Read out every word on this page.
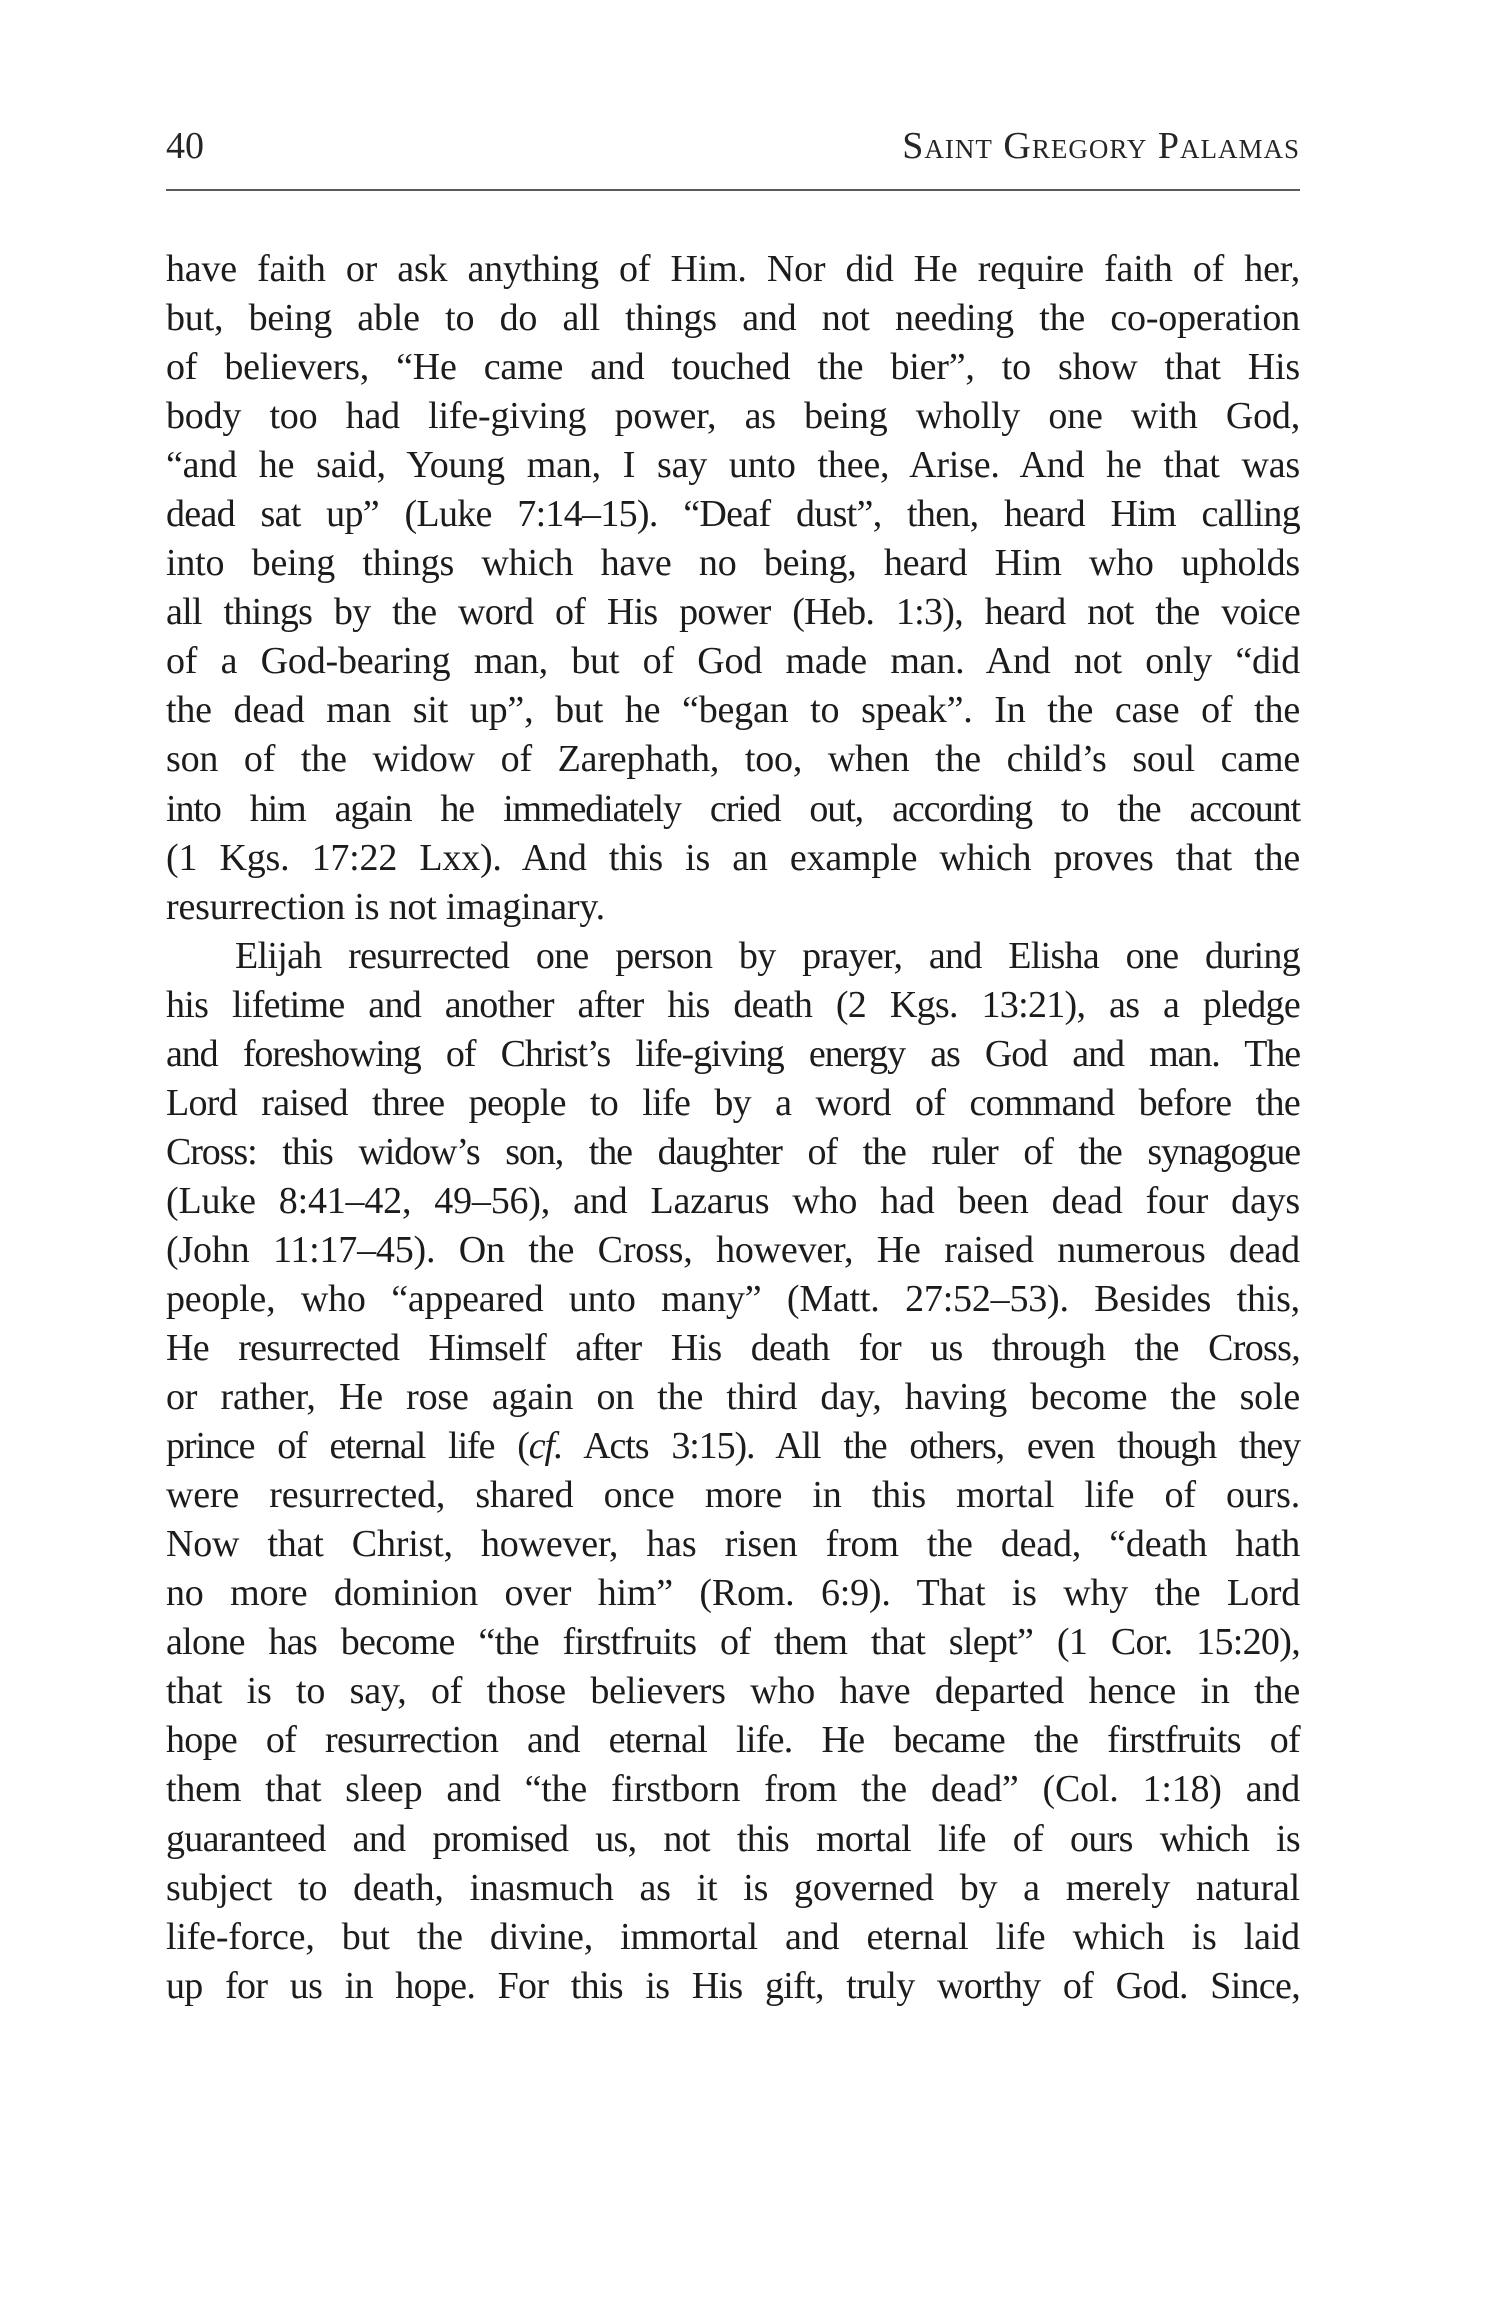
40	Saint Gregory Palamas
have faith or ask anything of Him. Nor did He require faith of her,
but, being able to do all things and not needing the co-operation
of believers, “He came and touched the bier”, to show that His
body too had life-giving power, as being wholly one with God,
“and he said, Young man, I say unto thee, Arise. And he that was
dead sat up” (Luke 7:14–15). “Deaf dust”, then, heard Him calling
into being things which have no being, heard Him who upholds
all things by the word of His power (Heb. 1:3), heard not the voice
of a God-bearing man, but of God made man. And not only “did
the dead man sit up”, but he “began to speak”. In the case of the
son of the widow of Zarephath, too, when the child’s soul came
into him again he immediately cried out, according to the account
(1 Kgs. 17:22 Lxx). And this is an example which proves that the
resurrection is not imaginary.
Elijah resurrected one person by prayer, and Elisha one during
his lifetime and another after his death (2 Kgs. 13:21), as a pledge
and foreshowing of Christ’s life-giving energy as God and man. The
Lord raised three people to life by a word of command before the
Cross: this widow’s son, the daughter of the ruler of the synagogue
(Luke 8:41–42, 49–56), and Lazarus who had been dead four days
(John 11:17–45). On the Cross, however, He raised numerous dead
people, who “appeared unto many” (Matt. 27:52–53). Besides this,
He resurrected Himself after His death for us through the Cross,
or rather, He rose again on the third day, having become the sole
prince of eternal life (cf. Acts 3:15). All the others, even though they
were resurrected, shared once more in this mortal life of ours.
Now that Christ, however, has risen from the dead, “death hath
no more dominion over him” (Rom. 6:9). That is why the Lord
alone has become “the firstfruits of them that slept” (1 Cor. 15:20),
that is to say, of those believers who have departed hence in the
hope of resurrection and eternal life. He became the firstfruits of
them that sleep and “the firstborn from the dead” (Col. 1:18) and
guaranteed and promised us, not this mortal life of ours which is
subject to death, inasmuch as it is governed by a merely natural
life-force, but the divine, immortal and eternal life which is laid
up for us in hope. For this is His gift, truly worthy of God. Since,
